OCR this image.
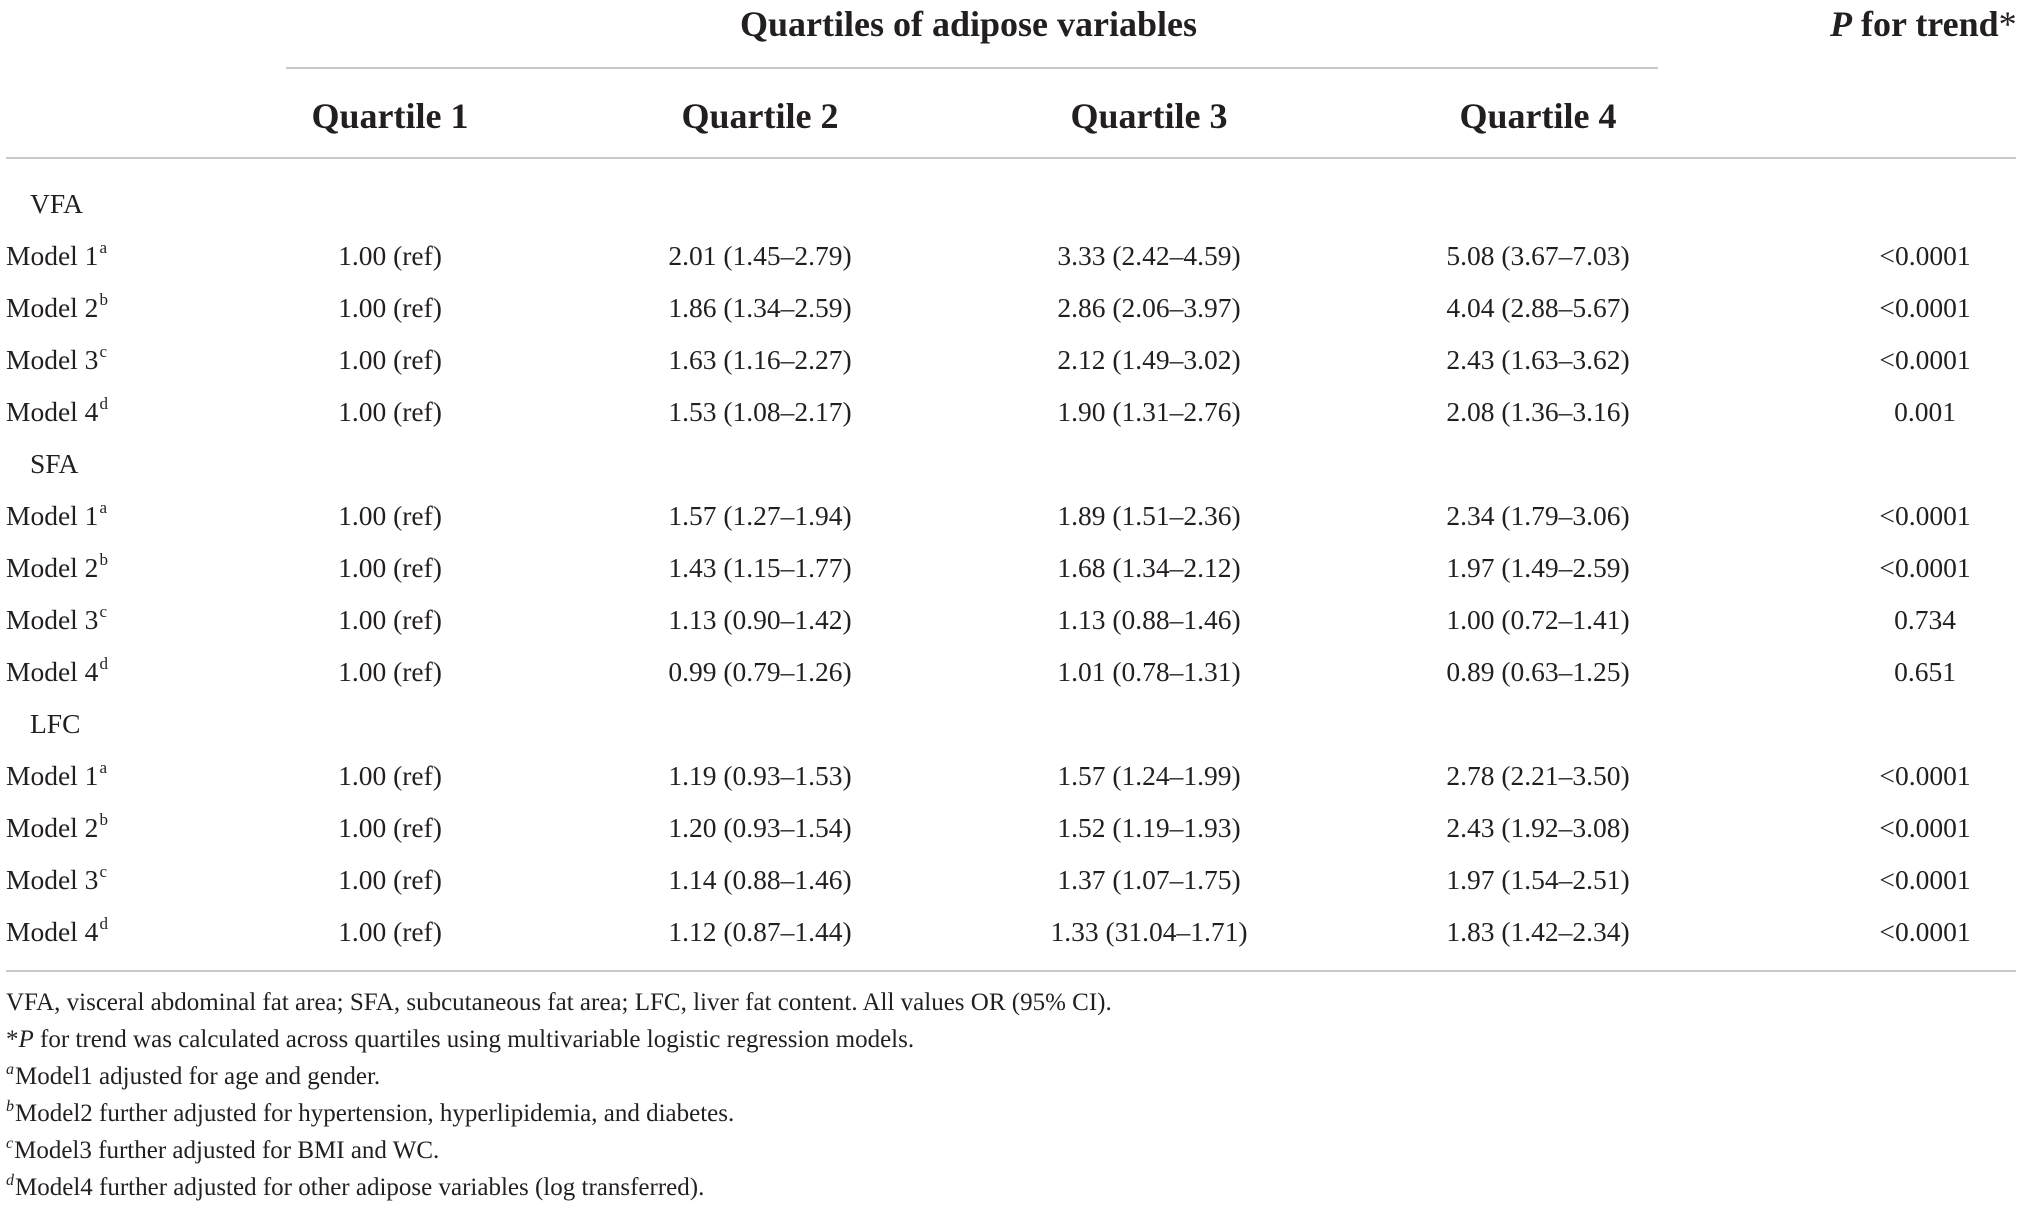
Quartiles of adipose variables	P for trend*
Quartile 1	Quartile 2	Quartile 3	Quartile 4
VFA
Model 1$^a$	1.00 (ref)	2.01 (1.45–2.79)	3.33 (2.42–4.59)	5.08 (3.67–7.03)	<0.0001
Model 2$^b$	1.00 (ref)	1.86 (1.34–2.59)	2.86 (2.06–3.97)	4.04 (2.88–5.67)	<0.0001
Model 3$^c$	1.00 (ref)	1.63 (1.16–2.27)	2.12 (1.49–3.02)	2.43 (1.63–3.62)	<0.0001
Model 4$^d$	1.00 (ref)	1.53 (1.08–2.17)	1.90 (1.31–2.76)	2.08 (1.36–3.16)	0.001
SFA
Model 1$^a$	1.00 (ref)	1.57 (1.27–1.94)	1.89 (1.51–2.36)	2.34 (1.79–3.06)	<0.0001
Model 2$^b$	1.00 (ref)	1.43 (1.15–1.77)	1.68 (1.34–2.12)	1.97 (1.49–2.59)	<0.0001
Model 3$^c$	1.00 (ref)	1.13 (0.90–1.42)	1.13 (0.88–1.46)	1.00 (0.72–1.41)	0.734
Model 4$^d$	1.00 (ref)	0.99 (0.79–1.26)	1.01 (0.78–1.31)	0.89 (0.63–1.25)	0.651
LFC
Model 1$^a$	1.00 (ref)	1.19 (0.93–1.53)	1.57 (1.24–1.99)	2.78 (2.21–3.50)	<0.0001
Model 2$^b$	1.00 (ref)	1.20 (0.93–1.54)	1.52 (1.19–1.93)	2.43 (1.92–3.08)	<0.0001
Model 3$^c$	1.00 (ref)	1.14 (0.88–1.46)	1.37 (1.07–1.75)	1.97 (1.54–2.51)	<0.0001
Model 4$^d$	1.00 (ref)	1.12 (0.87–1.44)	1.33 (31.04–1.71)	1.83 (1.42–2.34)	<0.0001
VFA, visceral abdominal fat area; SFA, subcutaneous fat area; LFC, liver fat content. All values OR (95% CI).
*P for trend was calculated across quartiles using multivariable logistic regression models.
$^a$Model1 adjusted for age and gender.
$^b$Model2 further adjusted for hypertension, hyperlipidemia, and diabetes.
$^c$Model3 further adjusted for BMI and WC.
$^d$Model4 further adjusted for other adipose variables (log transferred).
